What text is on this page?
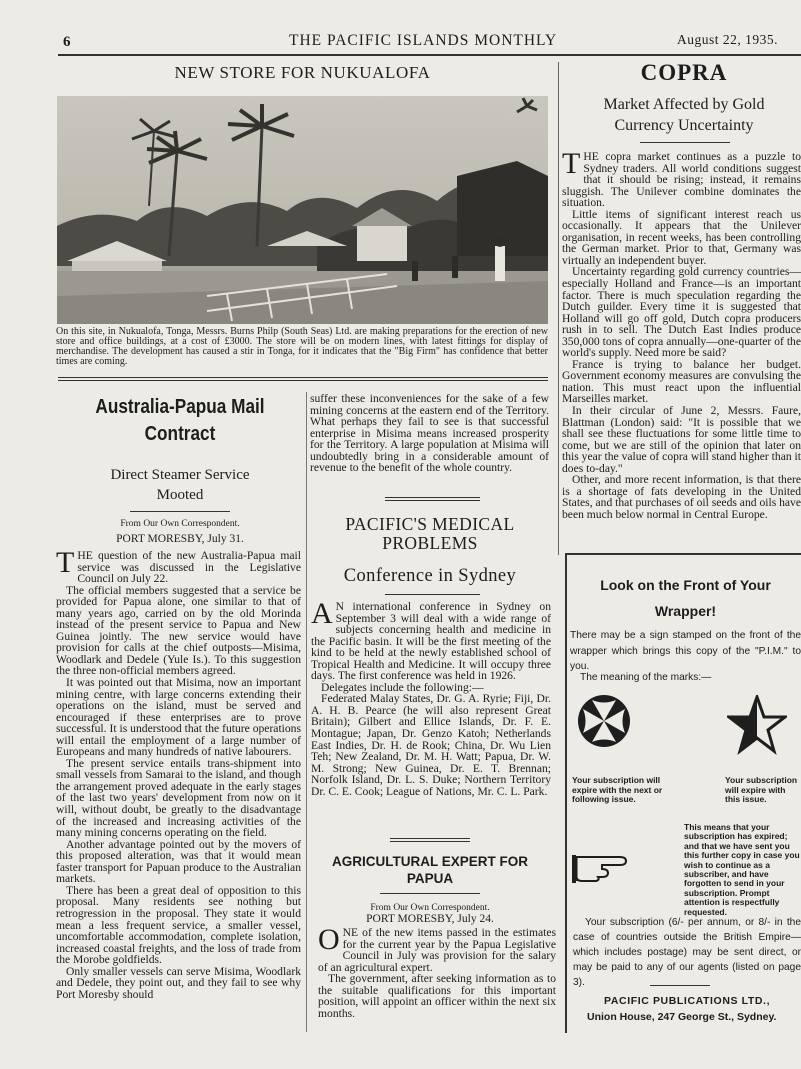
6	THE PACIFIC ISLANDS MONTHLY	August 22, 1935.
NEW STORE FOR NUKUALOFA
On this site, in Nukualofa, Tonga, Messrs. Burns Philp (South Seas) Ltd. are making preparations for the erection of new store and office buildings, at a cost of £3000. The store will be on modern lines, with latest fittings for display of merchandise. The development has caused a stir in Tonga, for it indicates that the "Big Firm" has confidence that better times are coming.
COPRA
Market Affected by Gold
Currency Uncertainty

THE copra market continues as a puzzle to Sydney traders. All world conditions suggest that it should be rising; instead, it remains sluggish. The Unilever combine dominates the situation.

Little items of significant interest reach us occasionally. It appears that the Unilever organisation, in recent weeks, has been controlling the German market. Prior to that, Germany was virtually an independent buyer.

Uncertainty regarding gold currency countries—especially Holland and France—is an important factor. There is much speculation regarding the Dutch guilder. Every time it is suggested that Holland will go off gold, Dutch copra producers rush in to sell. The Dutch East Indies produce 350,000 tons of copra annually—one-quarter of the world's supply. Need more be said?

France is trying to balance her budget. Government economy measures are convulsing the nation. This must react upon the influential Marseilles market.

In their circular of June 2, Messrs. Faure, Blattman (London) said: "It is possible that we shall see these fluctuations for some little time to come, but we are still of the opinion that later on this year the value of copra will stand higher than it does to-day."

Other, and more recent information, is that there is a shortage of fats developing in the United States, and that purchases of oil seeds and oils have been much below normal in Central Europe.

Australia-Papua Mail
Contract
Direct Steamer Service
Mooted
From Our Own Correspondent.
PORT MORESBY, July 31.

THE question of the new Australia-Papua mail service was discussed in the Legislative Council on July 22.

The official members suggested that a service be provided for Papua alone, one similar to that of many years ago, carried on by the old Morinda instead of the present service to Papua and New Guinea jointly. The new service would have provision for calls at the chief outposts—Misima, Woodlark and Dedele (Yule Is.). To this suggestion the three non-official members agreed.

It was pointed out that Misima, now an important mining centre, with large concerns extending their operations on the island, must be served and encouraged if these enterprises are to prove successful. It is understood that the future operations will entail the employment of a large number of Europeans and many hundreds of native labourers.

The present service entails trans-shipment into small vessels from Samarai to the island, and though the arrangement proved adequate in the early stages of the last two years' development from now on it will, without doubt, be greatly to the disadvantage of the increased and increasing activities of the many mining concerns operating on the field.

Another advantage pointed out by the movers of this proposed alteration, was that it would mean faster transport for Papuan produce to the Australian markets.

There has been a great deal of opposition to this proposal. Many residents see nothing but retrogression in the proposal. They state it would mean a less frequent service, a smaller vessel, uncomfortable accommodation, complete isolation, increased coastal freights, and the loss of trade from the Morobe goldfields.

Only smaller vessels can serve Misima, Woodlark and Dedele, they point out, and they fail to see why Port Moresby should

suffer these inconveniences for the sake of a few mining concerns at the eastern end of the Territory. What perhaps they fail to see is that successful enterprise in Misima means increased prosperity for the Territory. A large population at Misima will undoubtedly bring in a considerable amount of revenue to the benefit of the whole country.

PACIFIC'S MEDICAL
PROBLEMS
Conference in Sydney

A N international conference in Sydney on September 3 will deal with a wide range of subjects concerning health and medicine in the Pacific basin. It will be the first meeting of the kind to be held at the newly established school of Tropical Health and Medicine. It will occupy three days. The first conference was held in 1926.

Delegates include the following:—

Federated Malay States, Dr. G. A. Ryrie; Fiji, Dr. A. H. B. Pearce (he will also represent Great Britain); Gilbert and Ellice Islands, Dr. F. E. Montague; Japan, Dr. Genzo Katoh; Netherlands East Indies, Dr. H. de Rook; China, Dr. Wu Lien Teh; New Zealand, Dr. M. H. Watt; Papua, Dr. W. M. Strong; New Guinea, Dr. E. T. Brennan; Norfolk Island, Dr. L. S. Duke; Northern Territory Dr. C. E. Cook; League of Nations, Mr. C. L. Park.

AGRICULTURAL EXPERT FOR
PAPUA
From Our Own Correspondent.
PORT MORESBY, July 24.

ONE of the new items passed in the estimates for the current year by the Papua Legislative Council in July was provision for the salary of an agricultural expert.

The government, after seeking information as to the suitable qualifications for this important position, will appoint an officer within the next six months.

Look on the Front of Your
Wrapper!
There may be a sign stamped on the front of the wrapper which brings this copy of the "P.I.M." to you.
The meaning of the marks:—
Your subscription will expire with the next or following issue.
Your subscription will expire with this issue.
This means that your subscription has expired; and that we have sent you this further copy in case you wish to continue as a subscriber, and have forgotten to send in your subscription. Prompt attention is respectfully requested.
Your subscription (6/- per annum, or 8/- in the case of countries outside the British Empire—which includes postage) may be sent direct, or may be paid to any of our agents (listed on page 3).
PACIFIC PUBLICATIONS LTD.,
Union House, 247 George St., Sydney.
